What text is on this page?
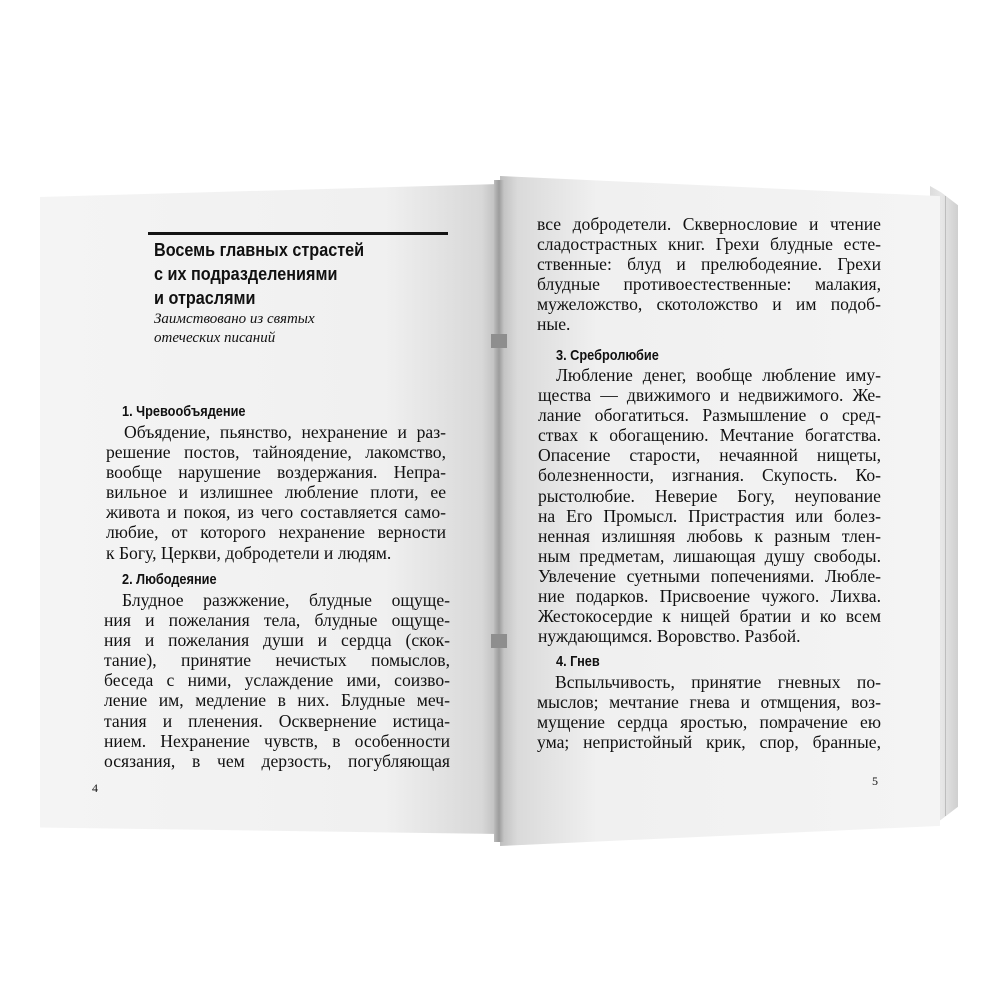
Восемь главных страстей
с их подразделениями
и отраслями
Заимствовано из святых
отеческих писаний
1. Чревообъядение
Объядение, пьянство, нехранение и раз-
решение постов, тайноядение, лакомство,
вообще нарушение воздержания. Непра-
вильное и излишнее любление плоти, ее
живота и покоя, из чего составляется само-
любие, от которого нехранение верности
к Богу, Церкви, добродетели и людям.
2. Любодеяние
Блудное разжжение, блудные ощуще-
ния и пожелания тела, блудные ощуще-
ния и пожелания души и сердца (скок-
тание), принятие нечистых помыслов,
беседа с ними, услаждение ими, соизво-
ление им, медление в них. Блудные меч-
тания и пленения. Осквернение истица-
нием. Нехранение чувств, в особенности
осязания, в чем дерзость, погубляющая
4
все добродетели. Сквернословие и чтение
сладострастных книг. Грехи блудные есте-
ственные: блуд и прелюбодеяние. Грехи
блудные противоестественные: малакия,
мужеложство, скотоложство и им подоб-
ные.
3. Сребролюбие
Любление денег, вообще любление иму-
щества — движимого и недвижимого. Же-
лание обогатиться. Размышление о сред-
ствах к обогащению. Мечтание богатства.
Опасение старости, нечаянной нищеты,
болезненности, изгнания. Скупость. Ко-
рыстолюбие. Неверие Богу, неупование
на Его Промысл. Пристрастия или болез-
ненная излишняя любовь к разным тлен-
ным предметам, лишающая душу свободы.
Увлечение суетными попечениями. Любле-
ние подарков. Присвоение чужого. Лихва.
Жестокосердие к нищей братии и ко всем
нуждающимся. Воровство. Разбой.
4. Гнев
Вспыльчивость, принятие гневных по-
мыслов; мечтание гнева и отмщения, воз-
мущение сердца яростью, помрачение ею
ума; непристойный крик, спор, бранные,
5
